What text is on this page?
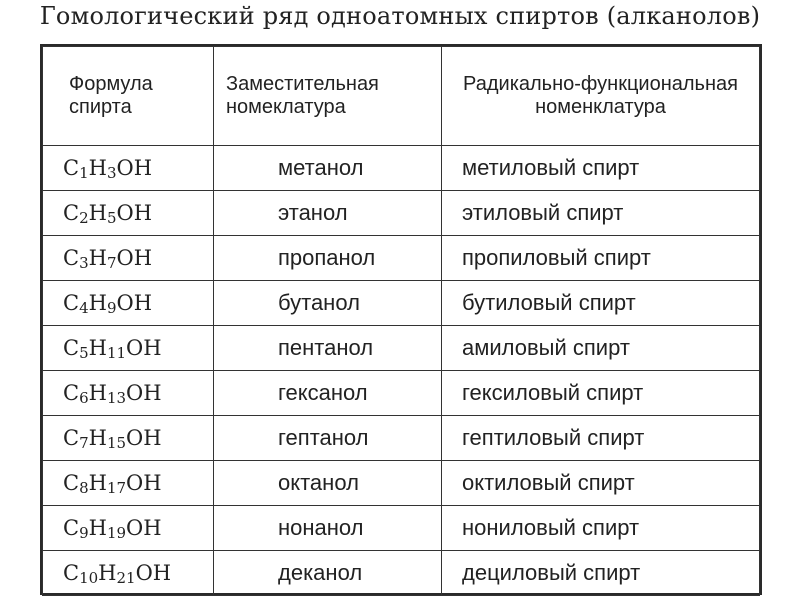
Гомологический ряд одноатомных спиртов (алканолов)
Формула спирта	Заместительная номеклатура	Радикально-функциональная номенклатура
$C_1H_3OH$	метанол	метиловый спирт
$C_2H_5OH$	этанол	этиловый спирт
$C_3H_7OH$	пропанол	пропиловый спирт
$C_4H_9OH$	бутанол	бутиловый спирт
$C_5H_{11}OH$	пентанол	амиловый спирт
$C_6H_{13}OH$	гексанол	гексиловый спирт
$C_7H_{15}OH$	гептанол	гептиловый спирт
$C_8H_{17}OH$	октанол	октиловый спирт
$C_9H_{19}OH$	нонанол	нониловый спирт
$C_{10}H_{21}OH$	деканол	дециловый спирт
